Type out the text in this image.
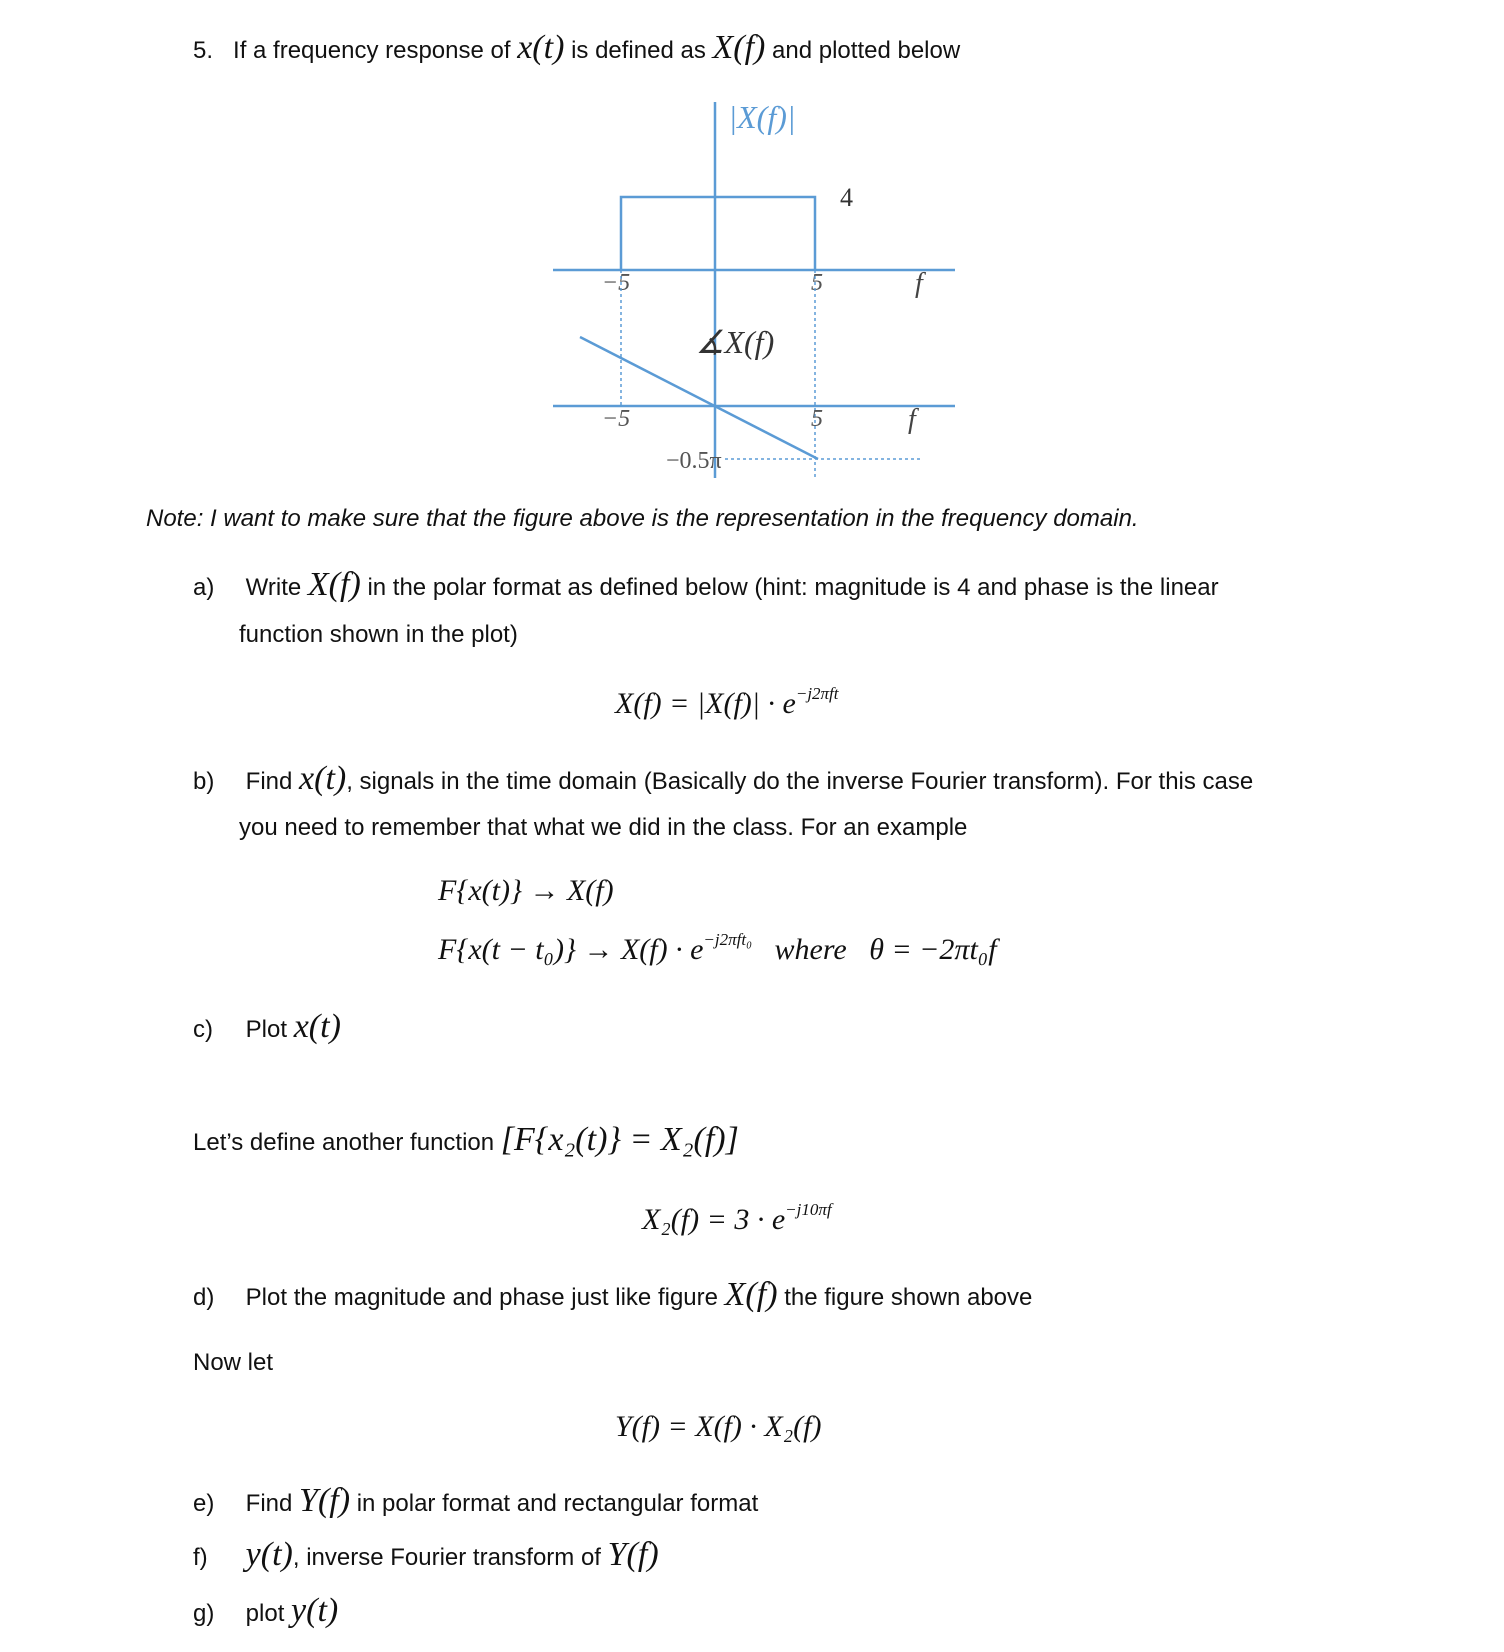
5. If a frequency response of x(t) is defined as X(f) and plotted below
|X(f)|
4
−5	5	f
∡X(f)
−5	5	f
−0.5π
Note: I want to make sure that the figure above is the representation in the frequency domain.
a) Write X(f) in the polar format as defined below (hint: magnitude is 4 and phase is the linear
function shown in the plot)
$X(f) = |X(f)| \cdot e^{-j2\pi ft}$
b) Find x(t), signals in the time domain (Basically do the inverse Fourier transform). For this case
you need to remember that what we did in the class. For an example
F{x(t)} → X(f)
$F\{x(t - t_0)\} \to X(f) \cdot e^{-j2\pi ft_0}$ where θ = −2πt₀f
c) Plot x(t)
Let’s define another function [F{x₂(t)} = X₂(f)]
$X_2(f) = 3 \cdot e^{-j10\pi f}$
d) Plot the magnitude and phase just like figure X(f) the figure shown above
Now let
Y(f) = X(f) · X₂(f)
e) Find Y(f) in polar format and rectangular format
f) y(t), inverse Fourier transform of Y(f)
g) plot y(t)
